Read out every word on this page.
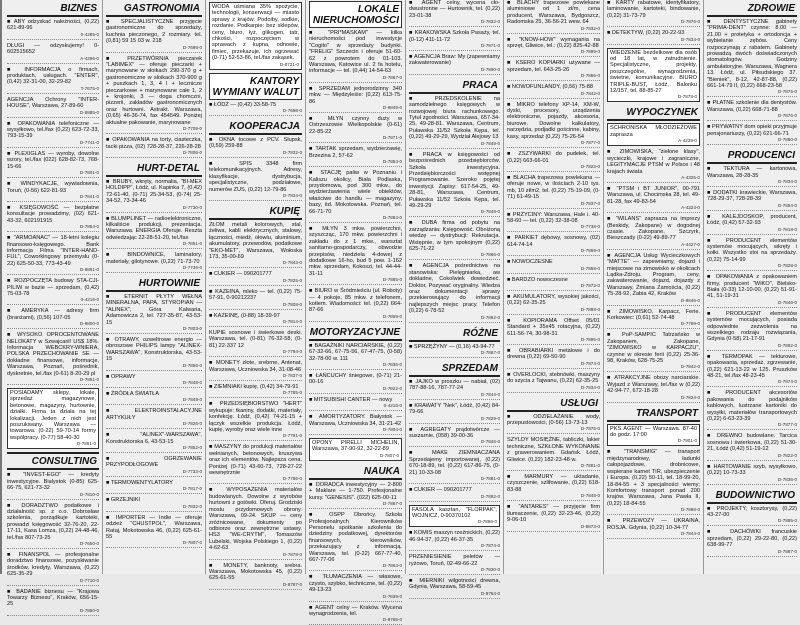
BIZNES
■ ABY odzyskać należności, (0,22) 621-89-96
0-4285-0
DŁUGI — odzyskujemy! 0-602515652
A-4296-0
■ INFORMACJA o firmach, produktach, usługach. "ENTER", (0,42) 32-31-00, 32-29-82
T-7675-0
AGENCJA Ochrony "INTER-HOUSE", Warszawa, 27-89-60
D-8885-0
■ OPAKOWANIA telefoniczne — wysyłkowo, tel./fax (0,22) 623-72-33, 793-15-39
D-7741-0
■ PLEXIGLAS — wyroby, dowolne wzory, tel./fax (022) 628-82-73, 768-15-66
D-7801-0
■ WINDYKACJE, wywiadownia, Toruń, (0-56) 622-81-93
D-7841-0
■ KSIĘGOWOŚĆ — bezpłatne konsultacje prowadzimy, (02) 621-43-32, 602191915
D-7854-0
■ "ARMOANAC" — 18-letni kolegiu finansowo-księgowego. Bank informacja Filma "INTER-HAND-FUL", Coworkingowy przemysłu (0-22) 625-50-33, 773-43-49
D-8891-0
■ ROZPOCZĘTA budowy STA-CJI-PILIW w bazie — sprzedam, (0,42) 75-03-78
0-4216-0
■ AMERYKA — adresy firm (branżami), (0,56) 107-05
D-8800-0
■ WYSOKO OPROCENTOWANE NELOKATY w Szwajcarii! US$ 18%. Informacja WEBCKRY-WNIERA, POLSKA PRZECHOWANIE SE — dokładne finansowe, informacje, Warszawa, Poznań, pośrednik, dyskretnie, tel./fax (0-61) 8-20-29 pl
D-7851-0
POSIADAMY sklepy, lokale, sprzedaż magazynowe, betonowe, magazyny, hurtownie, działki. Firma ta działa na tej lokalizacji. Jeden z nich jest poszukiwany. Warszawa — towarowa. (0-22) 59-70-14 formy wspólpracy. (0-77) 58-40-30
D-7861-0
CONSULTING
■ "INVEST-EGO" — kredyty inwestycyjne. Bialystok (0-85) 625-66-75, 621-73-32
D-7810-0
■ DORADZTWO podatkowe i działalność sp. z o.o. Dobrosław szkolenia, porządkuje kartoteki, prowadzi księgowość 32-76-20, 22-17-11, Kasa Lomza, (0,22) 24-48-46, tel./fax 807-73-25
D-7650-0
■ FINANSPOL — profesjonalne doradztwo finansowe, pozyskiwanie środków, kredyty, Warszawa, (0,22) 625-35-29
D-7710-0
■ BADANIE biznesu — "Krajowa Towarzy Biznesu", Kraków, 656-15-25
D-7850-0
GASTRONOMIA
■ SPECJALISTYCZNE przyjęcie gastronomiczne do sprzedaży, kuchnia pieczonego, 2 rozmiary. tel. (0,81) 59 15 03 w. 218
D-7698-0
■ PRZETWÓRNIA pieczarek "LABIMEX" — oferuje pieczarki + marynowane w słoikach 290-370 g + gastronomiczne w słoikach 370-900 g + puszkach 1, 3, 4 l + lecznicze pieczarkowe + marynowane całe 1, 2 + krojonki, 3 — doga chomczni, pizzerii, zakładów gastronomicznych oraz hurtowni. Astrakt. Warszawa, (0,65) 46-36-74, fax 454549. Poniżej aktualne pakowanie, marynowane
D-7709-0
■ OPAKOWANIA na torty, ciasteczka, tacki pizza, (02) 728-28-37, 226-28-28
D-7806-0
HURT-DETAL
■ BRUBY, wkręty, normalia, "BI-MEX HOLDIPP", Łódź, ul. Kapinka 7, (0,42) 72-61-40, (0-71) 25-34-53, (0-74) 25-34-52, 73-34-46
D-7730-0
■ BLUMPLINET — radioelektroniczne, kilkaliście produkcji, prezentacja. Warszawa. ENERGIA Oferuje. Reszta odwiedzając 22-28-51-20, tel./fax
D-7851-0
■ BINDOWNICE, laminatory, materiały, gilotynowe. (0,22) 71-73-70
D-7736-0
HURTOWNIE
■ ETERNIT PŁYTY WEŁNA MINERALNA, PAPA, STYROPIAN — "ALINEX", Góra Kalwaria, Adamowicza 2, tel. 727-35-87, 43-53-15
D-7803-0
■ OTRAWY, ozweltrowe energio — obroszowe PHILIPS lampy "ALINEX-WARSZAWA", Konstruktorska, 43-53-15
D-7856-0
■ OPRAWY
D-7848-0
■ ŻRÓDŁA ŚWIATŁA
D-7849-0
■ ELEKTROINSTALACYJNE ARTYKUŁY
D-7826-0
■ "ALINEX"-WARSZAWA", Konstruktorska 6, 43-53-15
D-7852-0
■ OGRZEWANIE PRZYPODŁOGOWE
D-7733-0
■ TERMOWENTYLATORY
D-7817-0
■ GRZEJNIKI
D-7832-0
■ IMPORTER — Indie — oferuje odzież "CHUSTPOL", Warszawa, Rataj, Mokotowska 46, (0,22) 625-61-55
D-7807-0
WODA uśmiana 35% spożycie, technologii, konserwacji — miasto sprawy z krajów. Podoiby, sodkie, rozdanie. Podkarpie: bez sklepów, ceny, biuro, łyż, glikogen, tatr, chkości, rozpoczęciem w sprawach z kupna, odnowie, fimiec, przekazuje, ich ogrzewać (0-71) 52-53-86, tel./fax zakąsek.
D-8731-0
KANTORY WYMIANY WALUT
■ ŁÓDŹ — (0,42) 33-58-75
D-7698-0
KOOPERACJA
■ OKNA tocowe z PCV. Słupsk, (0,59) 259-88
D-7832-0
■ SPIS 3348 firm telekomunikacyjnych. Adresy, klasyfikacje, dystrybucja, specjalistyczne, podziałowe, numerów ZUS, (0,22) 12-79-86
D-7834-0
KUPIĘ
ZŁOM metali kolorowych, stal, żeliwa, kabli elektrycznych, stalowy, łączności, miedź, ołowiu, aluminium, akumulatory, przewodów, podatkowe "EKO-MET", Warszawa, Wołoska 173, 35-00-69
D-7843-0
■ CUKIER — 090201777
D-7825-0
■ KAZEINA, mleko — tel. (0,22) 75-57-91, 0-90212237
D-7808-0
■ KAZEINĘ, (0-88) 18-39-97
D-7814-0
KUPIE sosnowe i świerkowe deski. Warszawa, tel. (0-81) 76-32-58, (0-81) 22-337 12
D-7794-0
■ MONETY złote, srebrne, Antenat, Warszawa, Uczniowska 34, 31-08-46
D-7837-0
■ ZIEMNIAKI kupię, (0,42) 34-79-91
D-7785-0
■ PRZEDSIĘBIORSTWO "HERT" wykupuje: tkaniny, dodatki, materiały, konfekcję. Łódź, (0,42) 74-21-15 + łączyk wszelkie produkcja. Łódź, kupię, wyroby oraz wiele inne
D-7791-0
■ MASZYNY do produkcji materiałów wełnianych, betonowych, kruszywa oraz ich elementów. Najlepsza cena. Poniżej (0-71) 43-60-73, 728-27-22 wewnętrznie
D-7786-0
■ WYPOSAŻENIA materiałów budowlanych. Dowolne z wyrobów hurtowni z gotówki. Oferuj. Grodziski mostu przydomowych obrony. Warszawa, 09-24. SKUP — ceny zróżnicowane, dokumenty po odbiorze oraz zewnętrzne ustawy. HS3 "WE-CRYTM", Tomaszów Lubelski, Wojska Polskiego 1, (0,22) 4-62-63
D-7878-0
■ MONETY, banknoty, srebra. Warszawa, Mokotowska 45, (0,22) 625-61-55
D-8767-0
LOKALE NIERUCHOMOŚCI
■ "PRI*MASKAM" — kilka nieruchomości pod inwestycje "Cogito" w sprzedaży budynki. "FRELIG" Szczecin i oferuje 51-60-62 z powrotem do 01-103. Warszawa, Katowice ul. 2 fa hotelu, informacje — tel. (0,44) 14-54-63
D-7867-0
■ SPRZEDAM jednorodzinny 340 mkw. — Międzyleśie: (0,22) 613-75-86
D-8849-0
■ MŁYN czynny duży w Ostrzeszowie Wielkopolskie (0-61) 22-85-22
D-7871-0
■ TARTAK sprzedam, wydzierżawię, Brzezina 2, 57-62
D-7854-0
■ STACJĘ paliw w Poznaniu i Kaliszu okolicy, Biała Podlaska, przydomowa, pod 300 mkw., do wydzierżawienia wiele obiektów, właściwe do handlu — magazyny, bazy, itd. Mokotowska. Poznań, tel. 66-71-70
D-7884-0
■ MŁYN 3 mkw. powierzchni, szyszcząc, 170 mkw. powierzchni i zakładu do z 1 mkw., warsztat sanitarno-gospodarczy, obwodzie przepisów, niedziela 4-dowej z dodatkowe 16-ho, bud 5 pow. 1-162 mkw. sprzedam, Kokoszi, tel. 44-44-31-11
D-7885-0
■ BIURO w Śródmieściu (ul. Roboty) — 4 pokoje, 85 mkw. z telefonem, kotłem. Wiadomości: tel. (0,22) 664-87-66
D-7859-0
MOTORYZACYJNE
■ BAGAŻNIKI NARCIARSKIE, (0,22) 67-32-66, 67-75-56, 67-47-75, (0-58) 32-78-00 w. 111
D-7836-0
■ ŁAŃCUCHY śniegowe, (0-71) 21-00-16
D-7822-0
■ MITSUBISHI CANTER — nowy
0-4216-0
■ AMORTYZATORY. Białystok — Warszawa, Uczniowska 34, 31-21-42
D-7804-0
OPONY PIRELLI MICHELIN, Warszawa, 37-90-92, 32-22-89
D-7807-0
NAUKA
■ DORADCA inwestycyjny — 2-800 + Maklare — 1-750. Profesjonalne kursy. "GENESIS". (022) 625-00-11
D-7867-0
■ OSPP Obrońcy. Szkoła Profesjonalnych Kierowników Personelu spotkanie szkolenia do dziedziny podatkowej, dyrektorów finansowych, kierowników, przekazujący z informacją. Warszawa, tel. (0-22) 667-77-40, 667-77-06
D-7864-0
■ TŁUMACZENIA — własowe, czysto, szybko, techniczne, tel. (0,22) 49-13-23
D-7839-0
■ AGENT celny — Kraków. Wycena wynagrodzenia, tel.
D-8765-0
■ AGENT celny, wycena cło-dwustronne — Hurtownik, tel. (0,22) 23-01-38
D-7832-0
■ KRAKOWSKA Szkoła Pasaży, tel. (0-12) 411-11-72
D-7871-0
■ AGENCJA Braw: My (zapewniamy zakwaterowanie)
D-7890-0
PRACA
■ PRZEDSKOLENIE na samodzielnego księgowych w rozwojowej biura rachunkowego. Tytuł zgodności. Warszawa, 657-34-25, 49-28-81. Warszawa, Centrum, Puławska 11/52 Szkoła Kępa, tel. (0,22) 49-29-29, Wydział Alejowy 13
D-7849-0
■ PRACA w księgowości od bezpośrednich przedsiębiorców. Szkoła inwestycyjna. Przedsiębiorczości wstępnej Programowanie. Szeroko pojętej inwestycji. Zapisy: 617-54-25, 49-28-81, Warszawa, Centrum, Puławska 11/52 Szkoła Kępa, tel. 49-29-29
D-7848-0
■ DUBA firma od pobytu na zarządzania: Księgowość. Obniżoną wiedzę — dystrybucji: Rekrutacja. Wstępnie, w tym spokojnym (0,22) 625-71-22
D-7866-0
■ AGENCJA pośrednictwa na stanowiska: Pielęgniarka, aw dokladne, Cokolwiek dowiedzieć. Doktor, Pozywać oryginalny. Wiedza oraz dokumentacji sprawy przekierowujący do informacji najlepszych miejsc pracy. Telefon (0,22) 6-78-52
D-7862-0
RÓŻNE
■ SPRZĘŻYNY — (0,16) 43-94-77
D-7867-0
SPRZEDAM
■ JAJKO w proszku — nabiał, (02) 787-88-16, 787-77-24
D-7844-0
■ KRAWATY "Nek", Łódź, (0,42) 84-79-66
D-7829-0
■ AGREGATY prądotwórcze — suszarnie, (058) 39-00-36
D-7846-0
■ MAKE ZIEMNIACZANA Sprzedajemy importowanej, (0,22) 670-18-89, tel. (0,22) 617-86-75, (0-21) 10-33-08
D-7881-0
■ CUKIER — 090201777
D-7892-0
FASOLA kasztan, "FLORPAK", WOJNICZ, 0-90370102
D-7896-0
■ KOMIS maszyn rzeźnickich, (0,22) 46-94-37, (0,22) 46-37-35
D-7874-0
PRZENIESIENIE peletów — ryżowo, Toruń, 02-49-66-22
D-7830-0
■ MIERNIKI wilgotności drewna, Gdynia, Warszawa, 58-59-45
D-8764-0
■ BLACHY trapezowe powlekane aluminiowe od 1 zł/m, cena producent, Warszawa, Bydgoszcz, Radomska 25, 36-56-21 wew. 64
D-7832-0
■ "KNOW-HOW" wymagania na sprzęt, Gliwice, tel.: (0,22) 825-42-88
D-7899-0
■ KSERO KOPIARKI używane — sprzedam, tel. 643-25-26
D-7866-0
■ NOWOFUNLANDY, (0,56) 75-88
D-7842-0
■ MIKRO telefony XP-14, XM-W, dyski, procesory, urządzenia elektroniczne, pojazdy, akcesoria, biurowe. Dowolne kalkulatory, narzędzia, podjadki gościnne, kabiny, kasy, sprzedaż (0,22) 75-26-54
D-7877-0
■ ZSZYWARKI do pudełek, tel. (0,22) 663-66-01
D-7823-0
■ BLACHA trapezowa powlekana — oferuje nowe, w ilościach 2-10 tys. mb, 10 zł/m2, tel. (0,22) 75-19-09, (0-71) 61-49-15
D-7837-0
■ PRZYCINY: Warszawa, Hale i. 40-58-60 — tel. (0,22) 32-38-08
D-7738-0
■ PARKIET dębowy, sosnowy, (02) 614-74-14
D-7869-0
■ NOWOCZESNE
D-7858-0
■ BARDZO nowoczesne
D-7872-0
■ AKUMULATORY, wysokiej jakości, (0,22) 62-35-25
D-7888-0
■ KOPIORAMA Offset 05/01 Standard + 35x45 rotacyjna, (0,22) 611-56-74, 30-98-31
D-7895-0
■ OBRABIARKI metalowe i do drewna (0,22) 69-50-90
D-7874-0
■ OVERLOCKI, stebnówki, maszyny do szycia z Tajwanu, (0,22) 62-35-25
D-7834-0
USŁUGI
■ ODZIELAŻANIE wody, przepustowości, (0-56) 13-73-13
D-7875-0
SZYLDY MOSIĘŻNE, tabliczki, lakier techniczne, SZKŁONE WYKONANIE z grawerowaniem. Gdańsk. Łódź, Gliwice. (0,22) 182-23-48 w.
D-7881-0
■ MARMURY — uktadanie, czyszczenie, szlifowanie, (0,22) 618-83-88
D-7845-0
■ "ANTARES" — przyjęcie firm tłumaczenie, (0,22) 32-23-46, (0,22) 9-06-10
D-8873-0
■ KARTY rabatowe, identyfikatory, laminowanie, kartoteki, bindowanie, (0,22) 31-73-79
D-7876-0
■ DETEKTYW, (0,22) 20-22-93
D-7834-0
WIEDZENIE bezdelkowe dla osób od 18 lat, w zatrudnienie. Specjalistyczne, projekty, poszczególne, wynagrodzenia, świetne, komunikacyjne. BIURO TRIPLE-BUST, Łódź, Balonku 12/157, tel. 88-85-27
D-7878-0
WYPOCZYNEK
SCHRONISKA MŁODZIEŻOWE zaprasza
A-4239-0
■ ZIMOWISKA, "ziełone klasy", wycieczki, krajowe i zagraniczne, LEGITYMACJE PTSM w Polsce i 48 krajach świata
A-4325-0
■ "PTSM i BT JUNIOR", 00-791 Warszawa, ul. Chocimska 28, tel. 49-81-28, fax 49-83-54
A-4224-0
■ "WILANS" zaprasza na imprezy (Beskidy, Zakopane) w dogodnej czasie. Zakopane, Szczyrk, Bieszczady (0-22) 49-89-77
A-4427-0
■ AGENCJA Usług Wycieczkowych "MATTE" — zapewniamy, dojazd i miejscowe na zimowisko w okolicach Lądka-Zdroju. Program, ceny, zakwaterowanie, dojazd, dojazdy z Warszawy, Żmiana Zamościa, (0,22) 75-28-92, Żabia 42, Kraków
D-8846-0
■ ZIMOWISKO, Karpacz, Ferie. Korkowiec: (0,61) 52-74-48
D-7789-0
■ PoP-SAMPIC Tatrzańsko w Zakopanem, Zakopane, "ZIMOWISKO w KARPACZU", czynne w okresie ferii (0,22) 25-36-98, Kraków, 628-75-25
D-7842-0
■ ATRAKCYJNE obozy narciarskie. Wyjazd z Warszawy, tel./fax w (0,22) 42-94-77, 672-18-28
D-7824-0
TRANSPORT
PKS AGENT — Warszawa. 87-40 do godz. 17:00
D-7901-0
■ "TRANSMIG" — transport międzynarodowy, ładunki całopojazdowe, drobnicowe, wspierane karnet TIR, ubezpieczenie i Europa. (0,22) 50-11, tel. 18-99-20, 18-84-55 + 3 specjalności wiemy; Komfortowy transport ponad 200 krajów. Warszawa, Jana Pawła II, (0,22) 18-84-55
D-7868-0
■ PRZEWOZY — UKRAINA, ROSJA. Gdynia, (0,22) 10-34-77
D-7844-0
ZDROWIE
■ DENTYSTYCZNE gabinety "PRIMA-DENT" czynne: 8.00 — 21.00 + protetyka + ortodoncja + wybielanie zębów. Ceny rozpoczynają z rabatem. Gabinety prowadzą dwóch doświadczonych stomatologów. Godziny ambulatoryjne. Warszawa, Wagnera 13. Łódź, ul. Piłsudskiego 37. "Bieniek", 8-12, 42-87-88, (0,22) 661-14-79 II, (0,22) 668-23-58
D-7875-0
■ PŁATNE szkolenie dla dentystów. Warszawa, (0,22) 668-71-88
D-7876-0
■ PRYWATNY dom opieki przyjmuje pensjonariuszy, (0,22) 621-66-71
D-7880-0
PRODUCENCI
■ TEKTURA — kartonowa, Warszawa, 28-28-35
D-7834-0
■ DODATKI krawieckie, Warszawa, 728-29-37, 728-28-39
D-7854-0
■ KALEJDOSKOP, producent, Łódź, (0,42) 57-32-93
D-7818-0
■ PRODUCENT elementów systemów mocujących, wkręty i kołki. Wszystko stoi na sprzedaży. (0,22) 75-14-99
D-7828-0
■ OPAKOWANIA z opakowaniem firmy, producent "WIKO", Bielsko-Biała (0-33) 12-10-00, (0,22) 51-91-41, 51-19-31
D-7846-0
■ PRODUCENT elementów systemów mocujących, posiada odpowiednie zezwolenia na wszelkiego rodzaju rozwiązania, Gdynia (0-58) 21-17-91
D-7862-0
■ TERMOPAK — tekturowe, opakowania, sprzedaż, zgrzewanie, (0,22) 621-13-22 w 125. Pruszków 48-21, tel./fax 48-23-45
D-7874-0
■ PRODUCENT akcesoriów pakowania do podajników kablowych, lustrzane kartoniki do wysyłki, materiałów transportowych (0,22) 6-63-23-39
D-7877-0
■ DREWNO budowlane. Tarcica sosnowa i świerkowa, (0,22) 51-30-21, Łódź (0,42) 51-19-12
D-7822-0
■ HARTOWANIE szyb, wysyłkowo, (0,22) 10-73-33
D-7836-0
BUDOWNICTWO
■ PROJEKTY, kosztorysy, (0,22) 43-27-00
D-7885-0
■ DACHÓWKI francuskie sprzedam, (0,22) 29-22-80, (0,22) 638-99-77
D-7887-0
